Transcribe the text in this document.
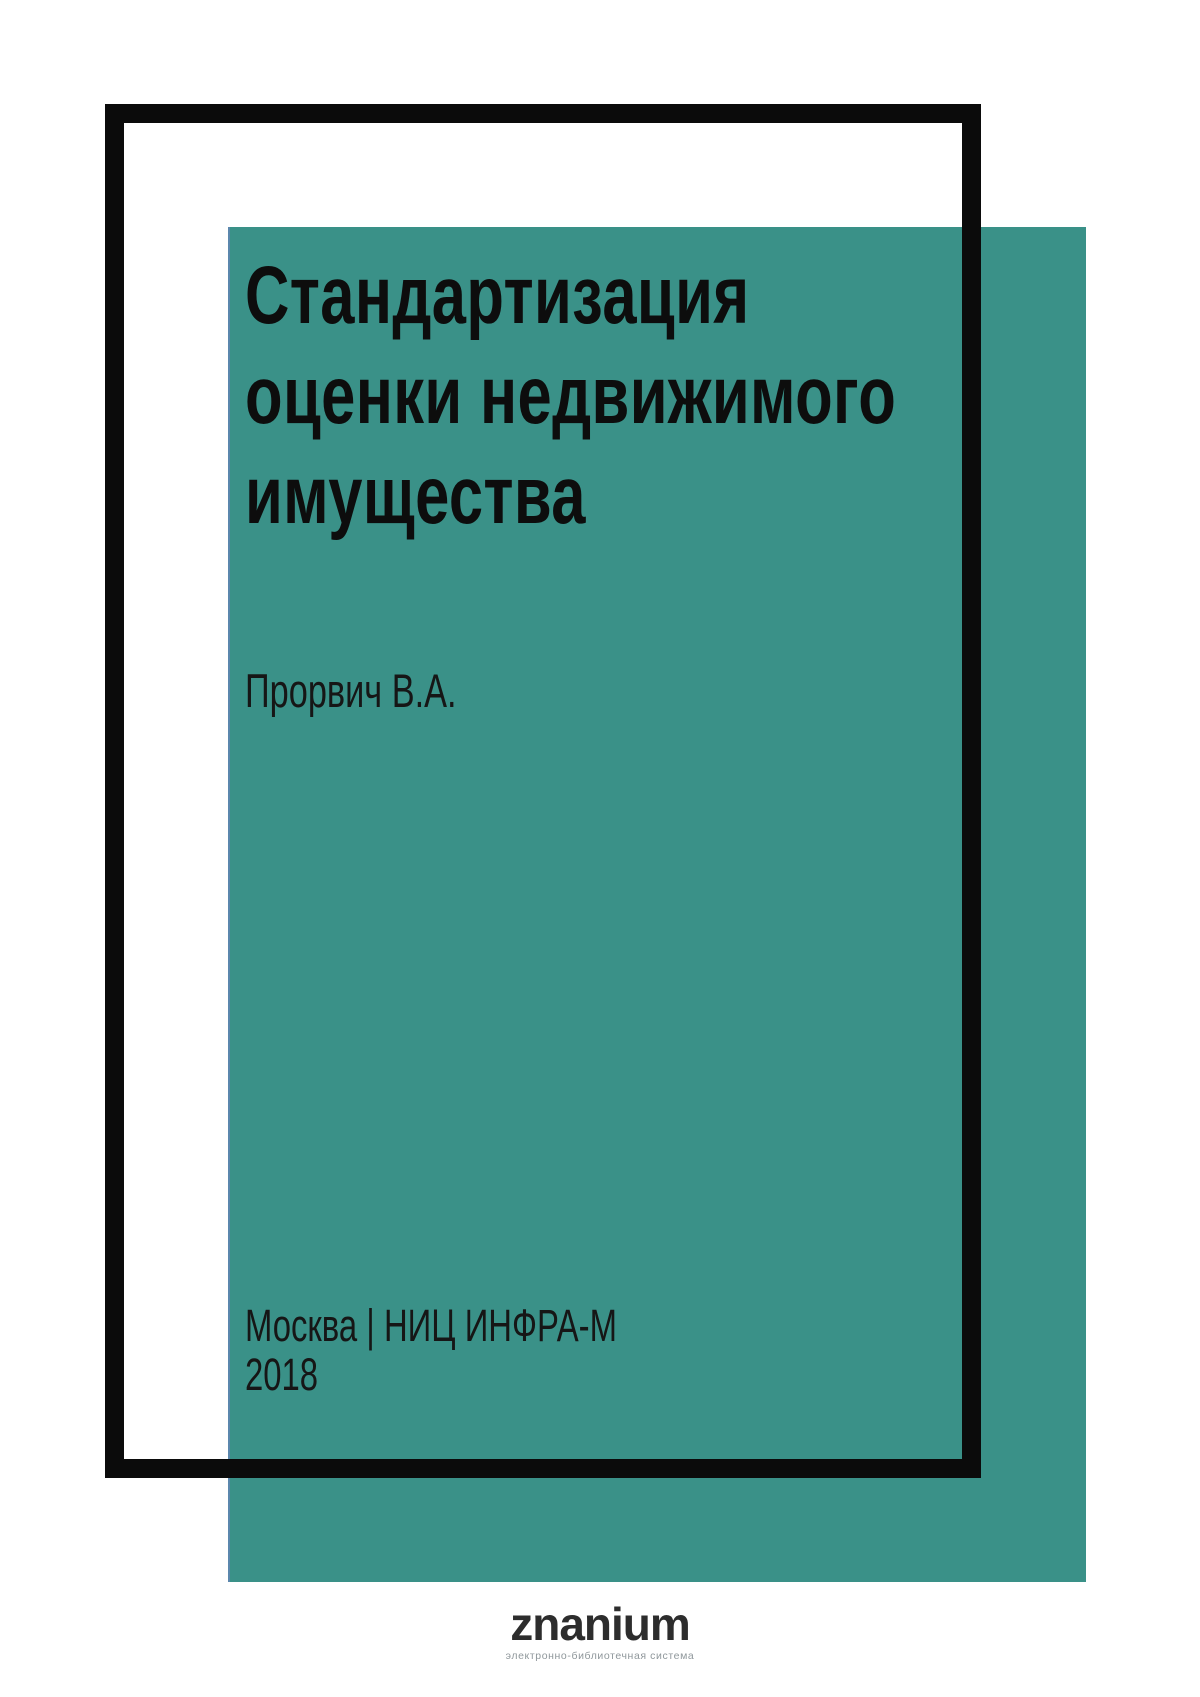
Стандартизация
оценки недвижимого
имущества
Прорвич В.А.
Москва | НИЦ ИНФРА-М
2018
znanium
электронно-библиотечная система
